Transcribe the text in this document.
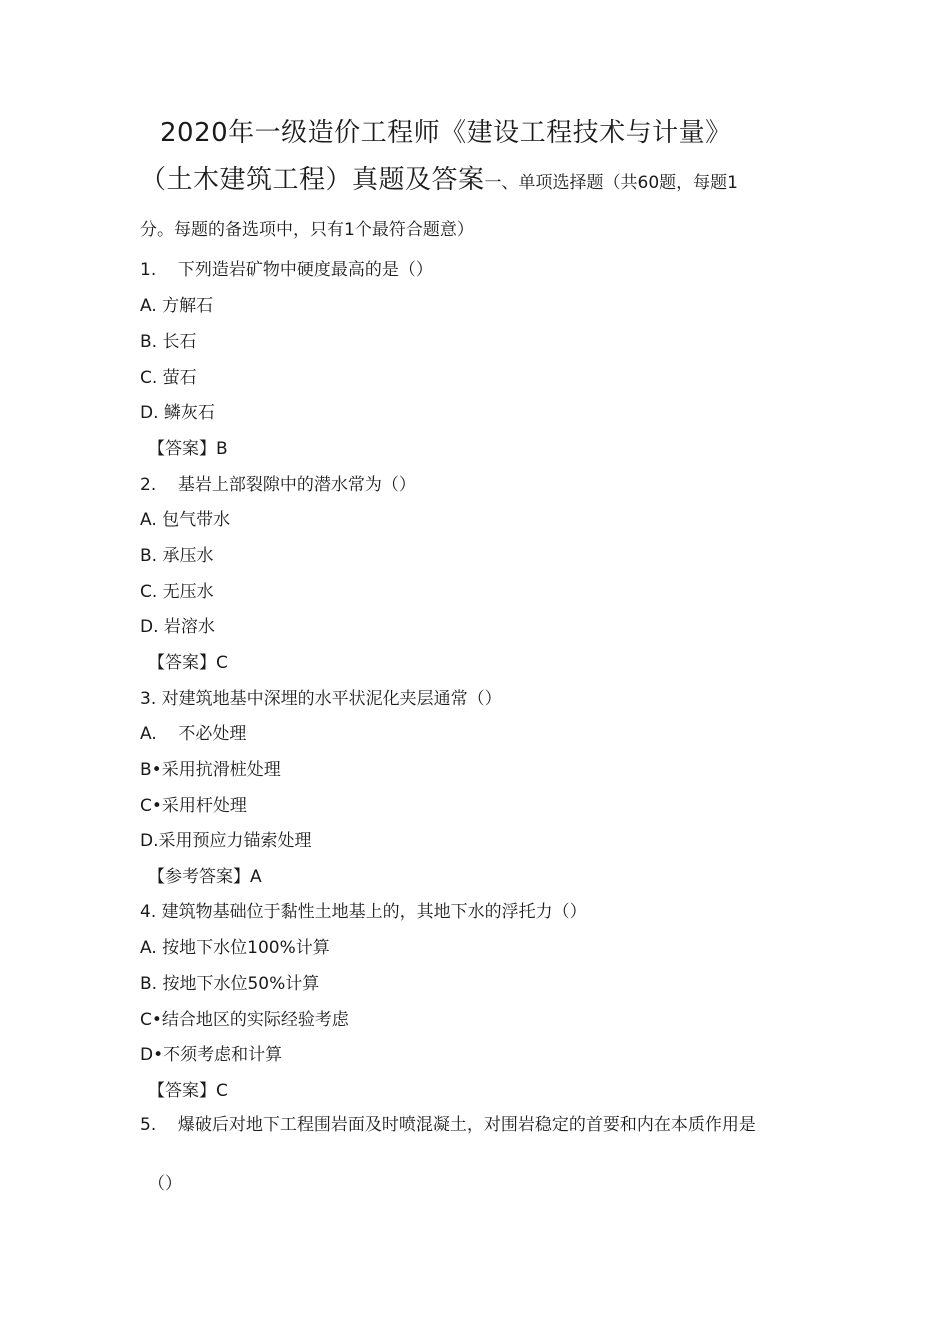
2020年一级造价工程师《建设工程技术与计量》
（土木建筑工程）真题及答案一、单项选择题（共60题，每题1
分。每题的备选项中，只有1个最符合题意）
1.    下列造岩矿物中硬度最高的是（）
A. 方解石
B. 长石
C. 萤石
D. 鳞灰石
【答案】B
2.    基岩上部裂隙中的潜水常为（）
A. 包气带水
B. 承压水
C. 无压水
D. 岩溶水
【答案】C
3. 对建筑地基中深埋的水平状泥化夹层通常（）
A.    不必处理
B•采用抗滑桩处理
C•采用杆处理
D.采用预应力锚索处理
【参考答案】A
4. 建筑物基础位于黏性土地基上的，其地下水的浮托力（）
A. 按地下水位100%计算
B. 按地下水位50%计算
C•结合地区的实际经验考虑
D•不须考虑和计算
【答案】C
5.    爆破后对地下工程围岩面及时喷混凝土，对围岩稳定的首要和内在本质作用是
（）
